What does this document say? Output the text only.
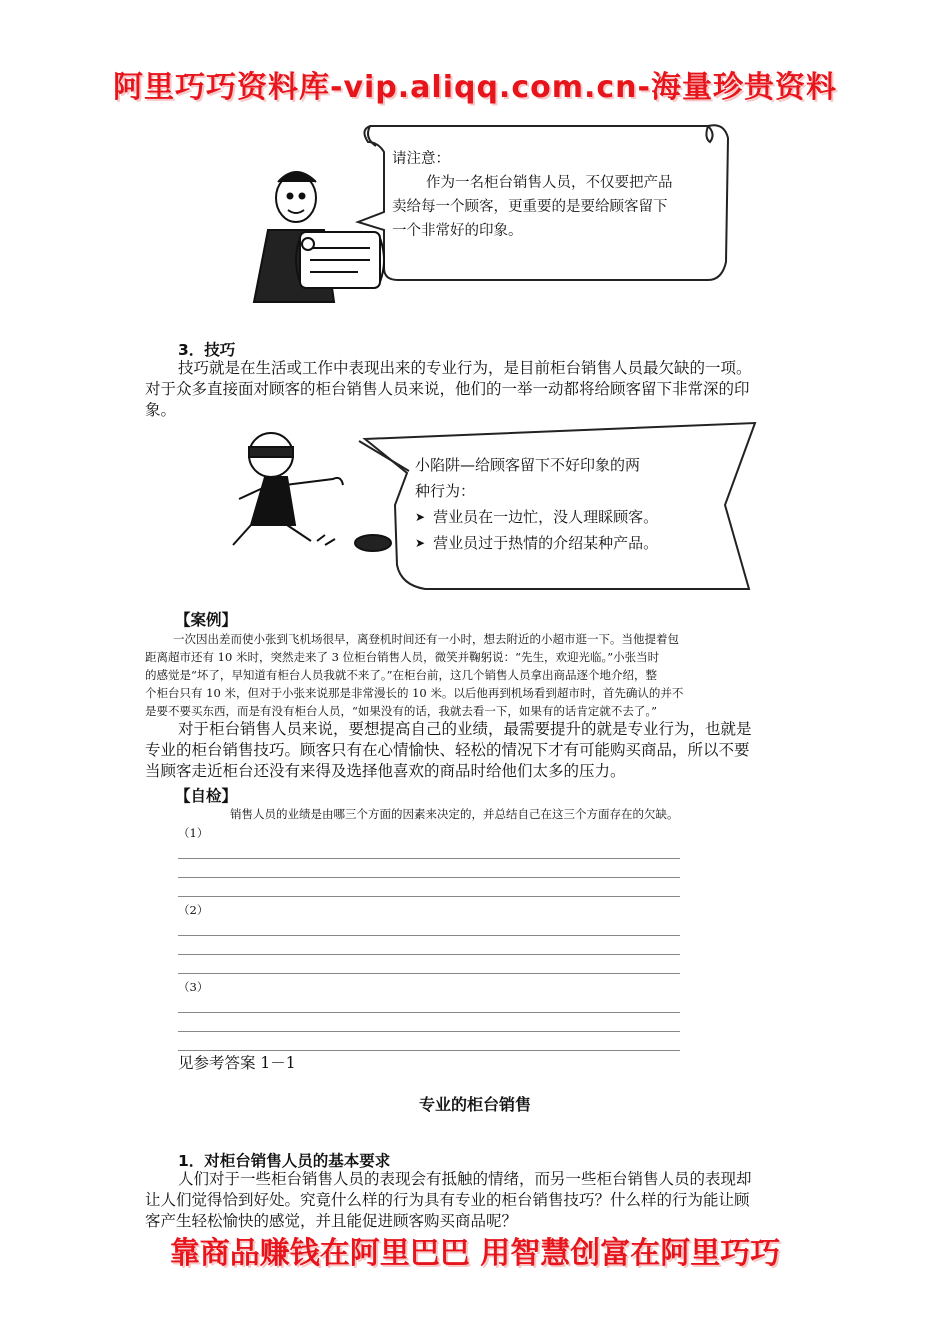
阿里巧巧资料库-vip.aliqq.com.cn-海量珍贵资料
请注意：
作为一名柜台销售人员，不仅要把产品
卖给每一个顾客，更重要的是要给顾客留下
一个非常好的印象。
3．技巧
技巧就是在生活或工作中表现出来的专业行为，是目前柜台销售人员最欠缺的一项。
对于众多直接面对顾客的柜台销售人员来说，他们的一举一动都将给顾客留下非常深的印
象。
小陷阱—给顾客留下不好印象的两
种行为：
➤ 营业员在一边忙，没人理睬顾客。
➤ 营业员过于热情的介绍某种产品。
【案例】
一次因出差而使小张到飞机场很早，离登机时间还有一小时，想去附近的小超市逛一下。当他提着包
距离超市还有 10 米时，突然走来了 3 位柜台销售人员，微笑并鞠躬说：“先生，欢迎光临。”小张当时
的感觉是“坏了，早知道有柜台人员我就不来了。”在柜台前，这几个销售人员拿出商品逐个地介绍，整
个柜台只有 10 米，但对于小张来说那是非常漫长的 10 米。以后他再到机场看到超市时，首先确认的并不
是要不要买东西，而是有没有柜台人员，“如果没有的话，我就去看一下，如果有的话肯定就不去了。”
对于柜台销售人员来说，要想提高自己的业绩，最需要提升的就是专业行为，也就是
专业的柜台销售技巧。顾客只有在心情愉快、轻松的情况下才有可能购买商品，所以不要
当顾客走近柜台还没有来得及选择他喜欢的商品时给他们太多的压力。
【自检】
销售人员的业绩是由哪三个方面的因素来决定的，并总结自己在这三个方面存在的欠缺。
（1）
（2）
（3）
见参考答案 1－1
专业的柜台销售
1．对柜台销售人员的基本要求
人们对于一些柜台销售人员的表现会有抵触的情绪，而另一些柜台销售人员的表现却
让人们觉得恰到好处。究竟什么样的行为具有专业的柜台销售技巧？什么样的行为能让顾
客产生轻松愉快的感觉，并且能促进顾客购买商品呢？
靠商品赚钱在阿里巴巴 用智慧创富在阿里巧巧
